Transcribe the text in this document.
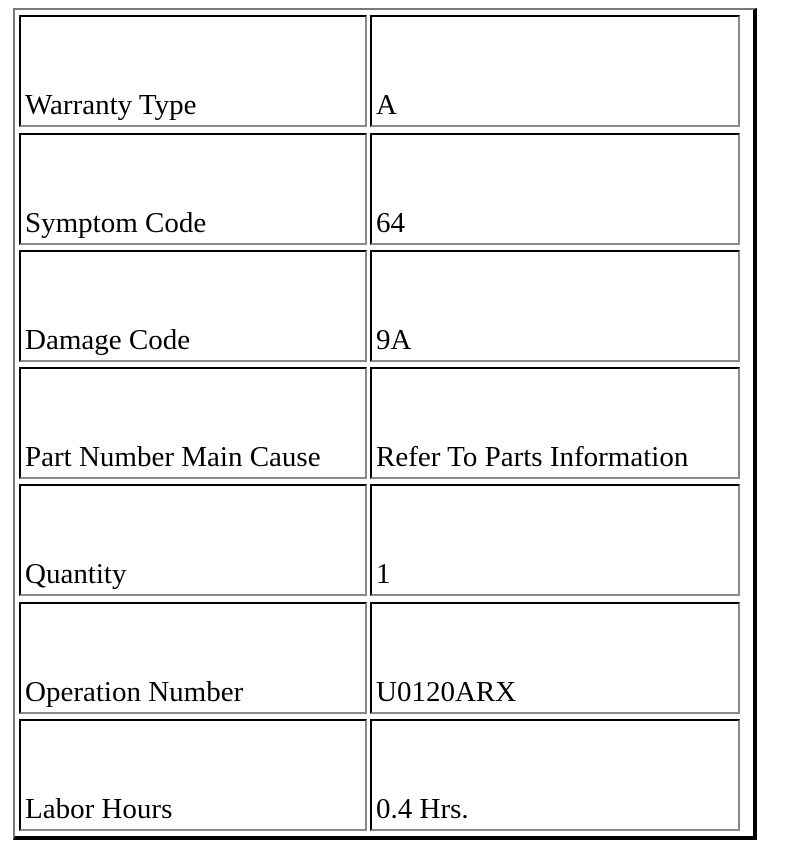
Warranty Type	A

Symptom Code	64

Damage Code	9A

Part Number Main Cause	Refer To Parts Information

Quantity	1

Operation Number	U0120ARX

Labor Hours	0.4 Hrs.
